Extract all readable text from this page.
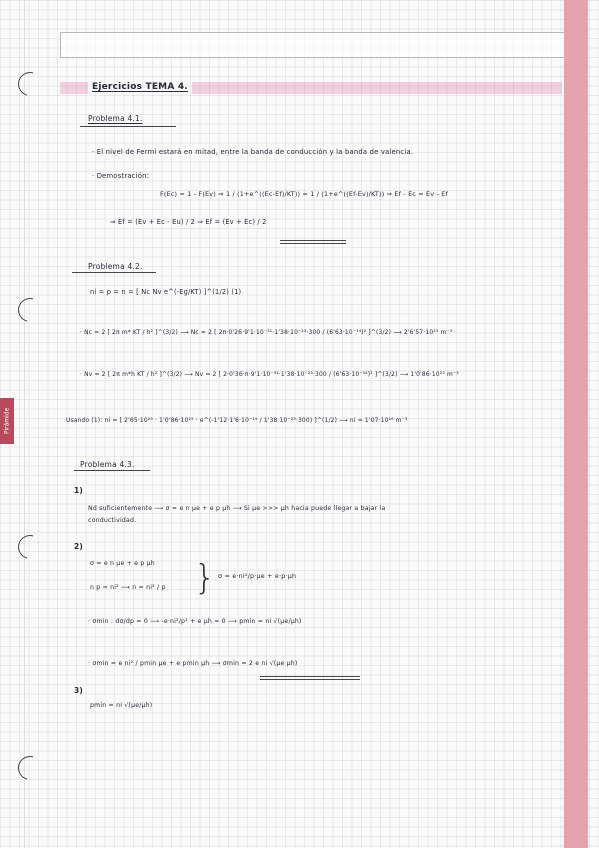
Pirámide
Ejercicios TEMA 4.
Problema 4.1.
· El nivel de Fermi estará en mitad, entre la banda de conducción y la banda de valencia.
· Demostración:
F(Ec) = 1 - F(Ev) ⇒ 1 / (1+e^((Ec-Ef)/KT)) = 1 / (1+e^((Ef-Ev)/KT)) ⇒ Ef - Ec = Ev - Ef
⇒ Ef = (Ev + Ec - Eu) / 2 ⇒ Ef = (Ev + Ec) / 2
Problema 4.2.
ni = p = n = [ Nc Nv e^(-Eg/KT) ]^(1/2) (1)
· Nc = 2 [ 2π m* KT / h² ]^(3/2) ⟶ Nc = 2 [ 2π·0'26·9'1·10⁻³¹·1'38·10⁻²³·300 / (6'63·10⁻³⁴)² ]^(3/2) ⟶ 2'6'57·10²⁵ m⁻³
· Nv = 2 [ 2π m*h KT / h² ]^(3/2) ⟶ Nv = 2 [ 2·0'36·π·9'1·10⁻³¹·1'38·10⁻²³·300 / (6'63·10⁻³⁴)² ]^(3/2) ⟶ 1'0'86·10²⁵ m⁻³
Usando (1): ni = [ 2'65·10²⁵ · 1'0'86·10²⁵ · e^(-1'12·1'6·10⁻¹⁹ / 1'38·10⁻²³·300) ]^(1/2) ⟶ ni = 1'07·10¹⁶ m⁻³
Problema 4.3.
1)
Nd suficientemente ⟶ σ = e n μe + e p μh ⟶ Si μe >>> μh hacia puede llegar a bajar la
conductividad.
2)
σ = e n μe + e p μh
n p = ni² ⟶ n = ni² / p } σ = e·ni²/p·μe + e·p·μh
· σmin : dσ/dp = 0 ⟶ -e·ni²/p² + e μh = 0 ⟶ pmin = ni √(μe/μh)
· σmin = e ni² / pmin μe + e pmin μh ⟶ σmin = 2 e ni √(μe μh)
3)
pmin = ni √(μe/μh)
